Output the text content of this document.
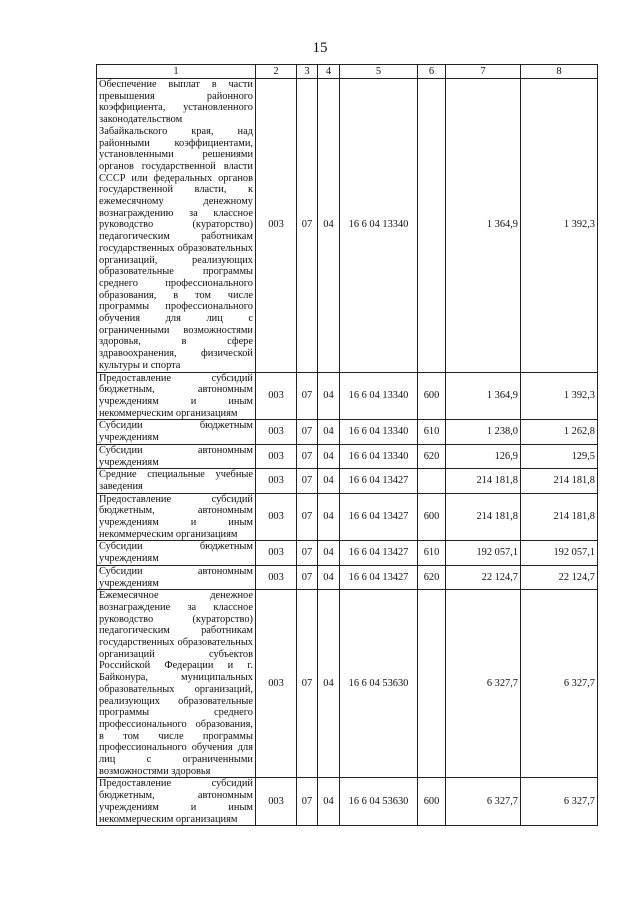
15
1	2	3	4	5	6	7	8
Обеспечение выплат в части превышения районного коэффициента, установленного законодательством Забайкальского края, над районными коэффициентами, установленными решениями органов государственной власти СССР или федеральных органов государственной власти, к ежемесячному денежному вознаграждению за классное руководство (кураторство) педагогическим работникам государственных образовательных организаций, реализующих образовательные программы среднего профессионального образования, в том числе программы профессионального обучения для лиц с ограниченными возможностями здоровья, в сфере здравоохранения, физической культуры и спорта	003	07	04	16 6 04 13340		1 364,9	1 392,3
Предоставление субсидий бюджетным, автономным учреждениям и иным некоммерческим организациям	003	07	04	16 6 04 13340	600	1 364,9	1 392,3
Субсидии бюджетным учреждениям	003	07	04	16 6 04 13340	610	1 238,0	1 262,8
Субсидии автономным учреждениям	003	07	04	16 6 04 13340	620	126,9	129,5
Средние специальные учебные заведения	003	07	04	16 6 04 13427		214 181,8	214 181,8
Предоставление субсидий бюджетным, автономным учреждениям и иным некоммерческим организациям	003	07	04	16 6 04 13427	600	214 181,8	214 181,8
Субсидии бюджетным учреждениям	003	07	04	16 6 04 13427	610	192 057,1	192 057,1
Субсидии автономным учреждениям	003	07	04	16 6 04 13427	620	22 124,7	22 124,7
Ежемесячное денежное вознаграждение за классное руководство (кураторство) педагогическим работникам государственных образовательных организаций субъектов Российской Федерации и г. Байконура, муниципальных образовательных организаций, реализующих образовательные программы среднего профессионального образования, в том числе программы профессионального обучения для лиц с ограниченными возможностями здоровья	003	07	04	16 6 04 53630		6 327,7	6 327,7
Предоставление субсидий бюджетным, автономным учреждениям и иным некоммерческим организациям	003	07	04	16 6 04 53630	600	6 327,7	6 327,7
